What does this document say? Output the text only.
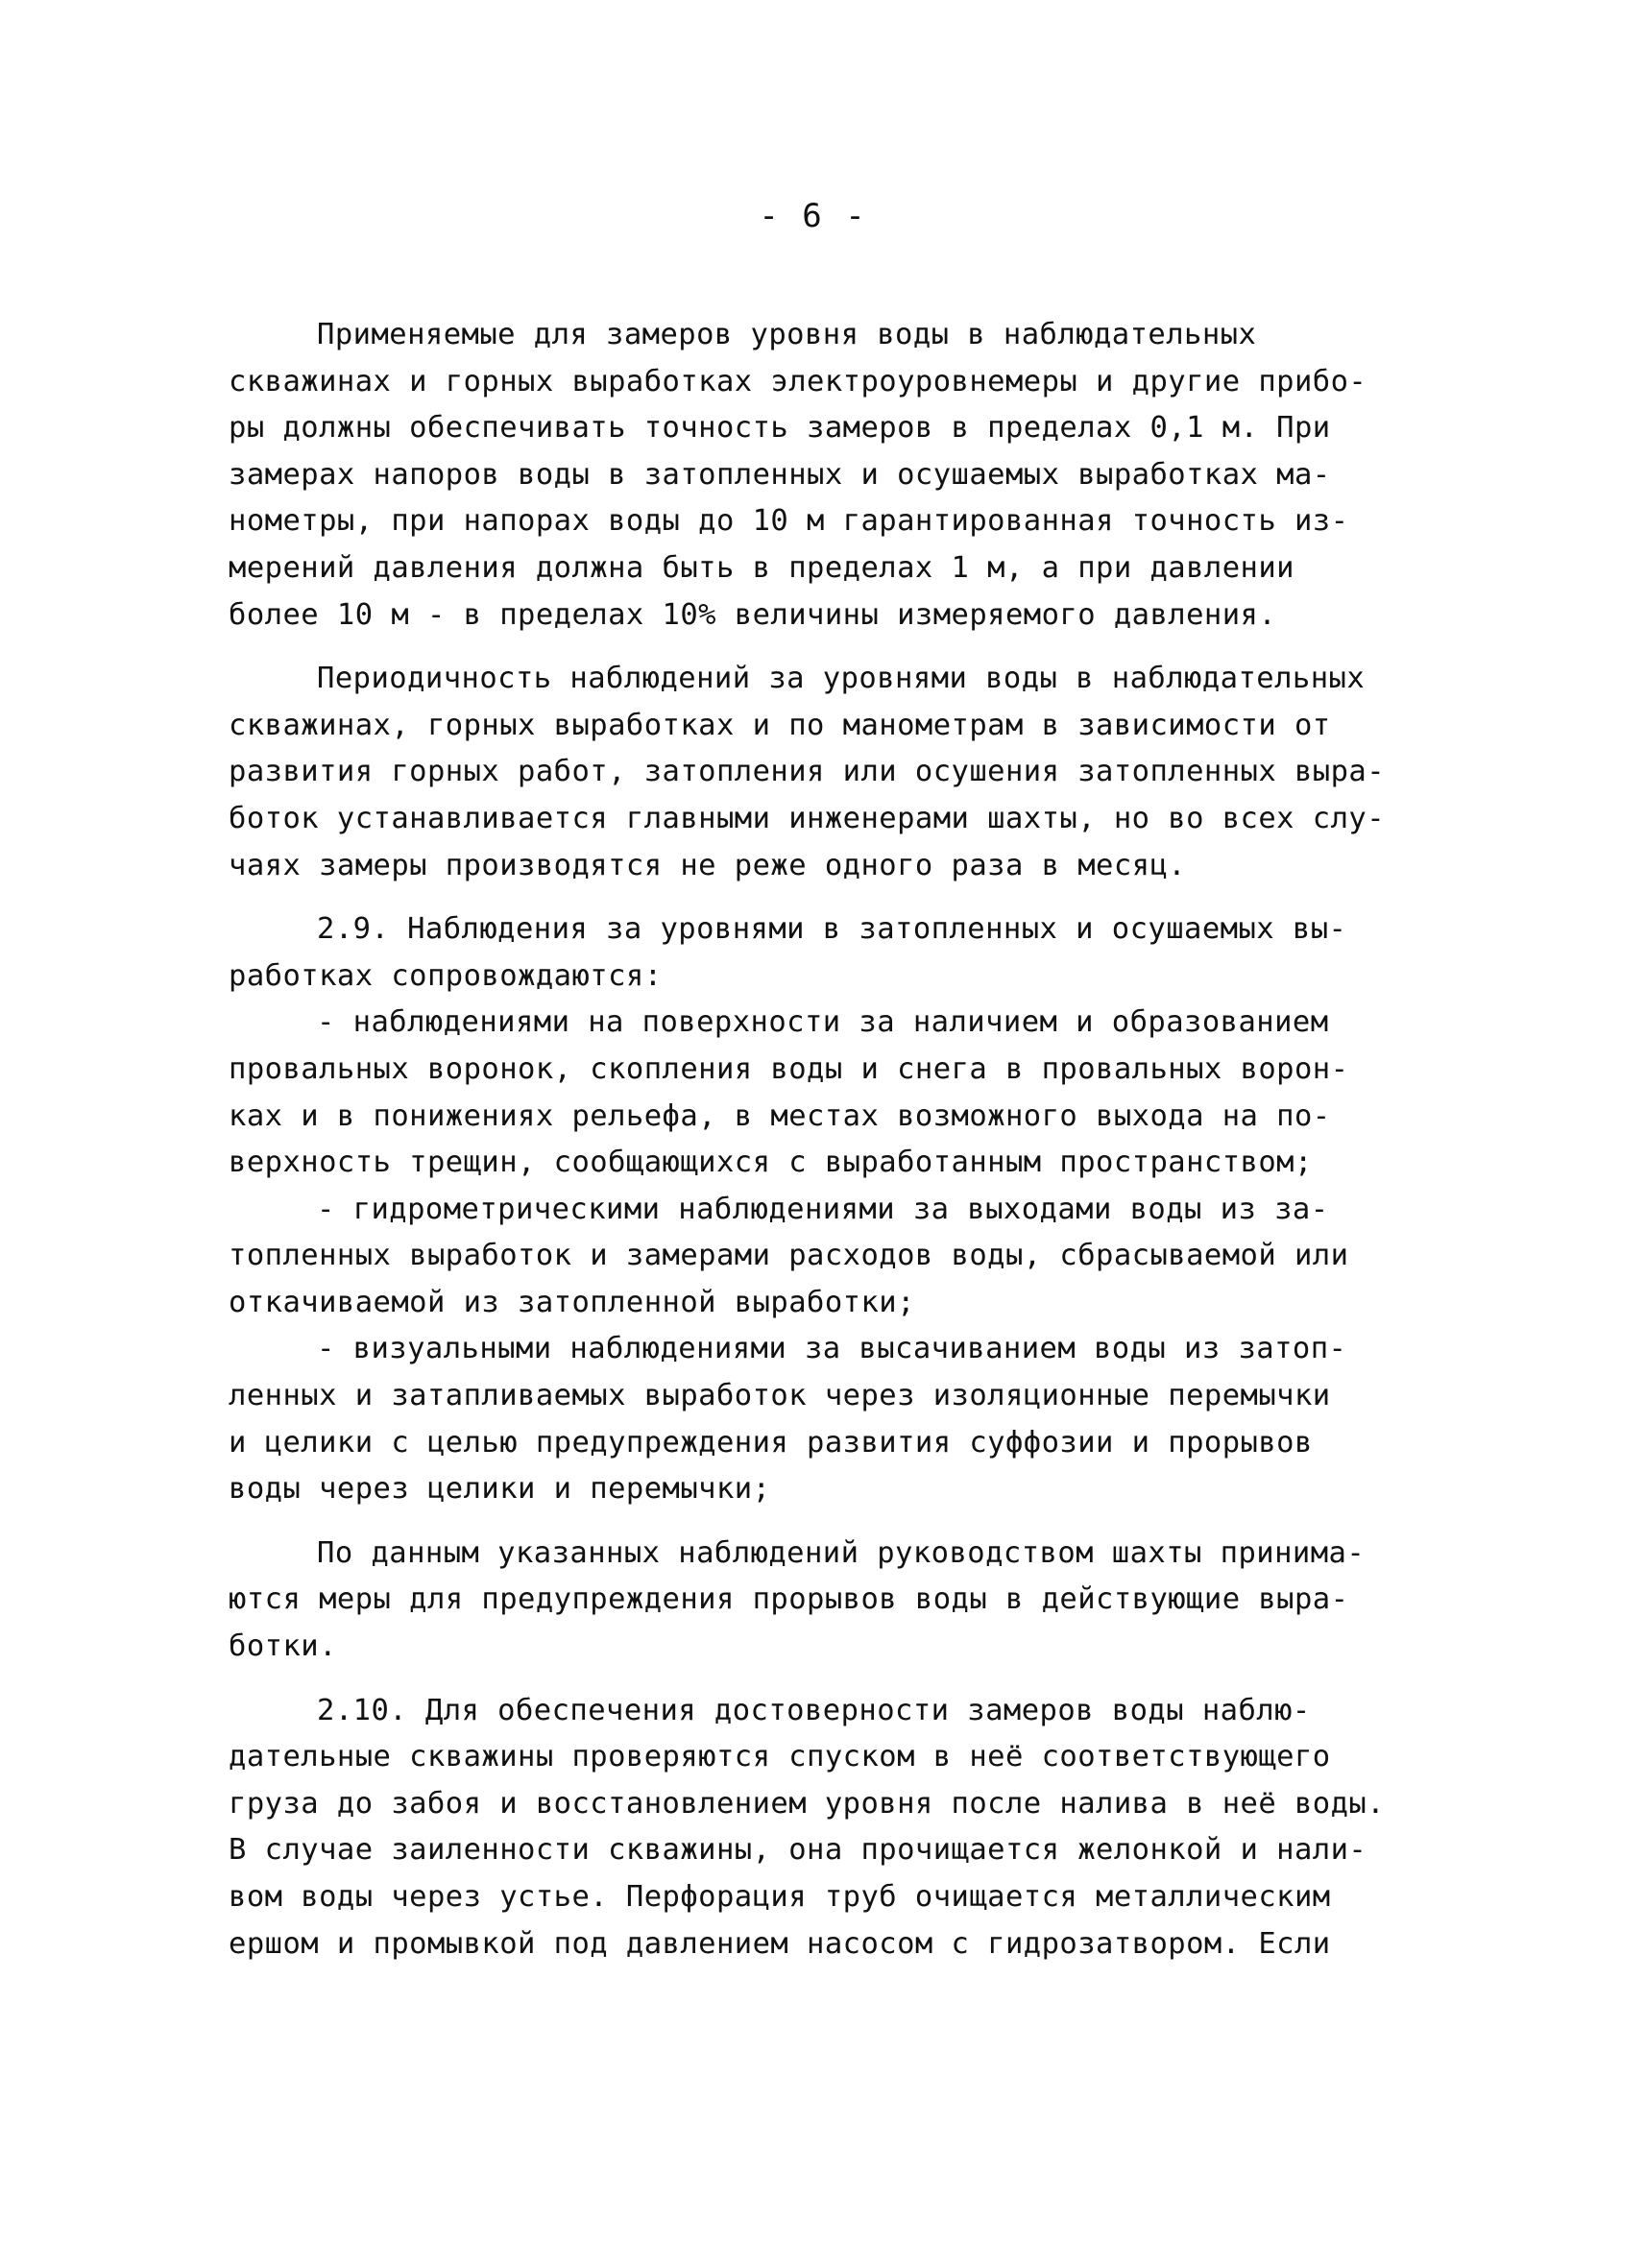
- 6 -
Применяемые для замеров уровня воды в наблюдательных
скважинах и горных выработках электроуровнемеры и другие прибо-
ры должны обеспечивать точность замеров в пределах 0,1 м. При
замерах напоров воды в затопленных и осушаемых выработках ма-
нометры, при напорах воды до 10 м гарантированная точность из-
мерений давления должна быть в пределах 1 м, а при давлении
более 10 м - в пределах 10% величины измеряемого давления.
Периодичность наблюдений за уровнями воды в наблюдательных
скважинах, горных выработках и по манометрам в зависимости от
развития горных работ, затопления или осушения затопленных выра-
боток устанавливается главными инженерами шахты, но во всех слу-
чаях замеры производятся не реже одного раза в месяц.
2.9. Наблюдения за уровнями в затопленных и осушаемых вы-
работках сопровождаются:
- наблюдениями на поверхности за наличием и образованием
провальных воронок, скопления воды и снега в провальных ворон-
ках и в понижениях рельефа, в местах возможного выхода на по-
верхность трещин, сообщающихся с выработанным пространством;
- гидрометрическими наблюдениями за выходами воды из за-
топленных выработок и замерами расходов воды, сбрасываемой или
откачиваемой из затопленной выработки;
- визуальными наблюдениями за высачиванием воды из затоп-
ленных и затапливаемых выработок через изоляционные перемычки
и целики с целью предупреждения развития суффозии и прорывов
воды через целики и перемычки;
По данным указанных наблюдений руководством шахты принима-
ются меры для предупреждения прорывов воды в действующие выра-
ботки.
2.10. Для обеспечения достоверности замеров воды наблю-
дательные скважины проверяются спуском в неё соответствующего
груза до забоя и восстановлением уровня после налива в неё воды.
В случае заиленности скважины, она прочищается желонкой и нали-
вом воды через устье. Перфорация труб очищается металлическим
ершом и промывкой под давлением насосом с гидрозатвором. Если
